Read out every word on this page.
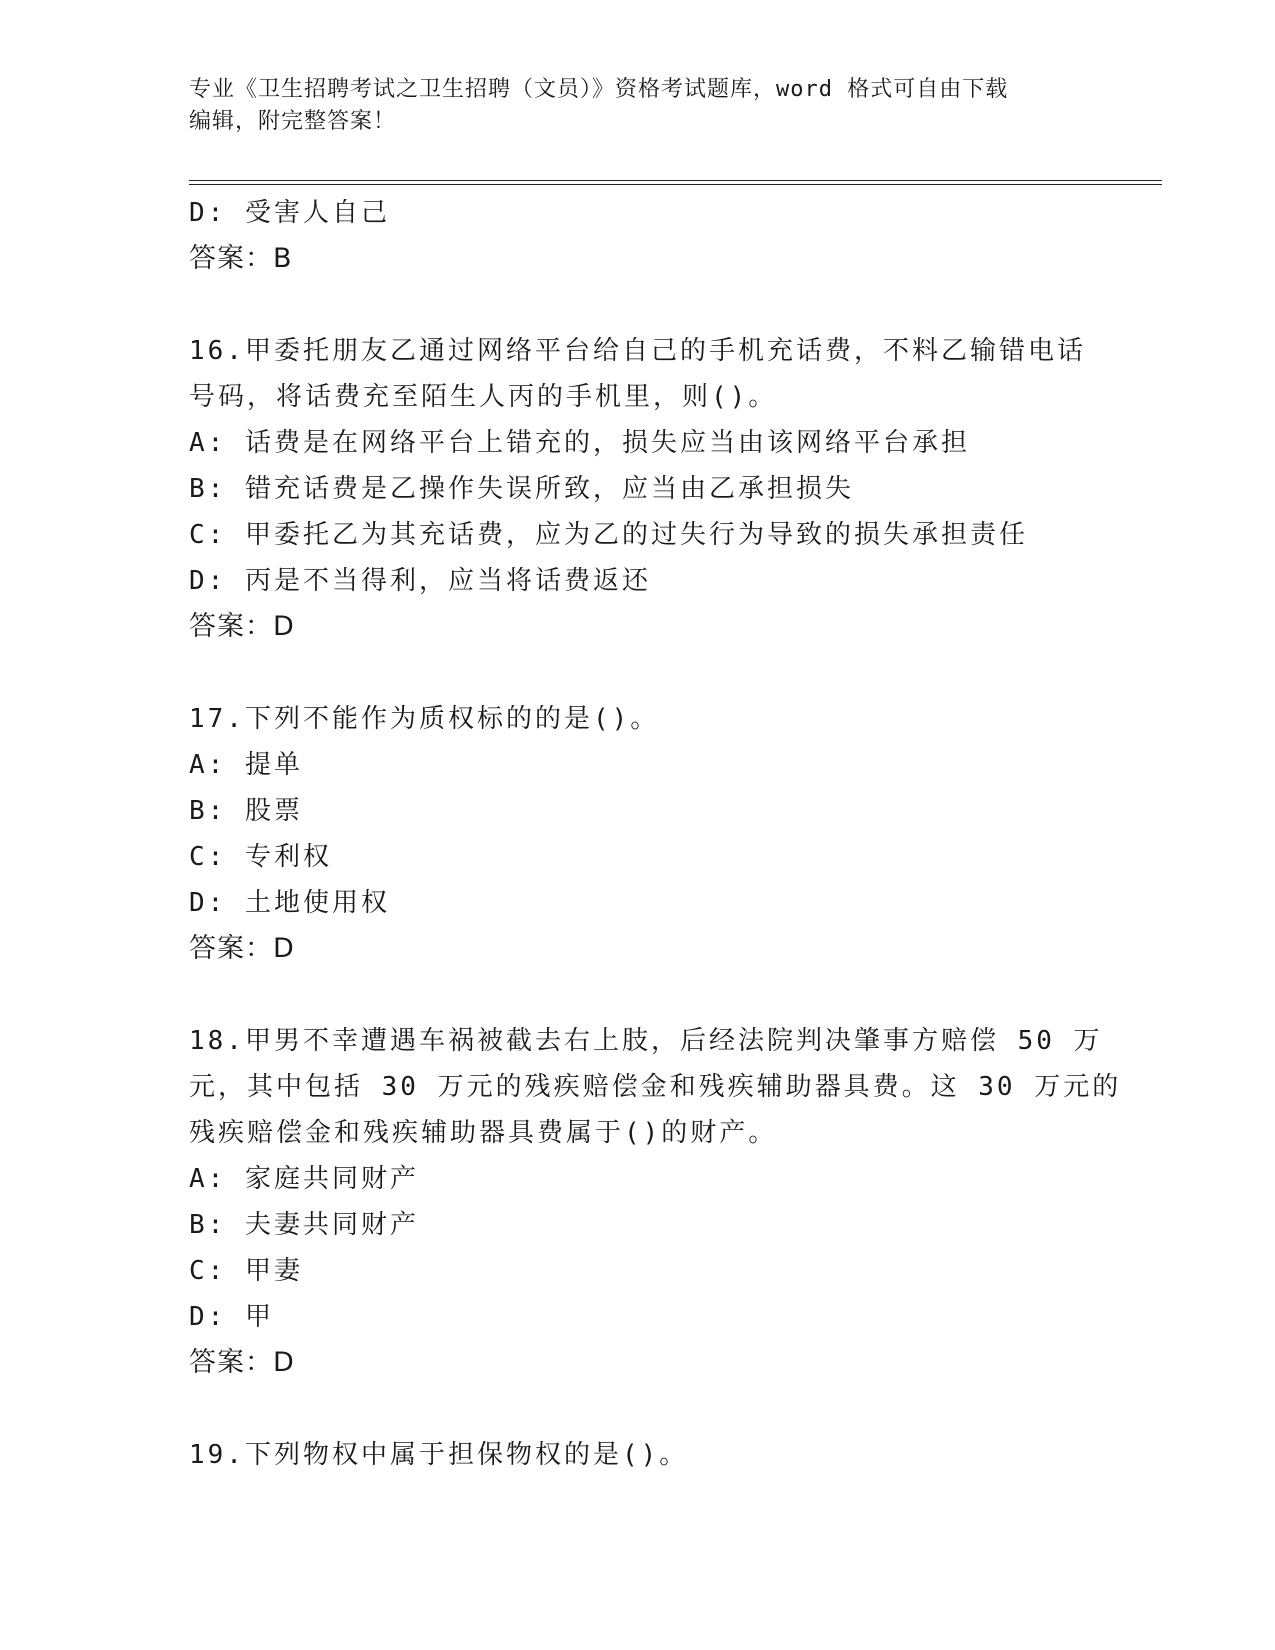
专业《卫生招聘考试之卫生招聘（文员）》资格考试题库，word 格式可自由下载
编辑，附完整答案！
D: 受害人自己
答案：B
16.甲委托朋友乙通过网络平台给自己的手机充话费，不料乙输错电话
号码，将话费充至陌生人丙的手机里，则()。
A: 话费是在网络平台上错充的，损失应当由该网络平台承担
B: 错充话费是乙操作失误所致，应当由乙承担损失
C: 甲委托乙为其充话费，应为乙的过失行为导致的损失承担责任
D: 丙是不当得利，应当将话费返还
答案：D
17.下列不能作为质权标的的是()。
A: 提单
B: 股票
C: 专利权
D: 土地使用权
答案：D
18.甲男不幸遭遇车祸被截去右上肢，后经法院判决肇事方赔偿 50 万
元，其中包括 30 万元的残疾赔偿金和残疾辅助器具费。这 30 万元的
残疾赔偿金和残疾辅助器具费属于()的财产。
A: 家庭共同财产
B: 夫妻共同财产
C: 甲妻
D: 甲
答案：D
19.下列物权中属于担保物权的是()。
